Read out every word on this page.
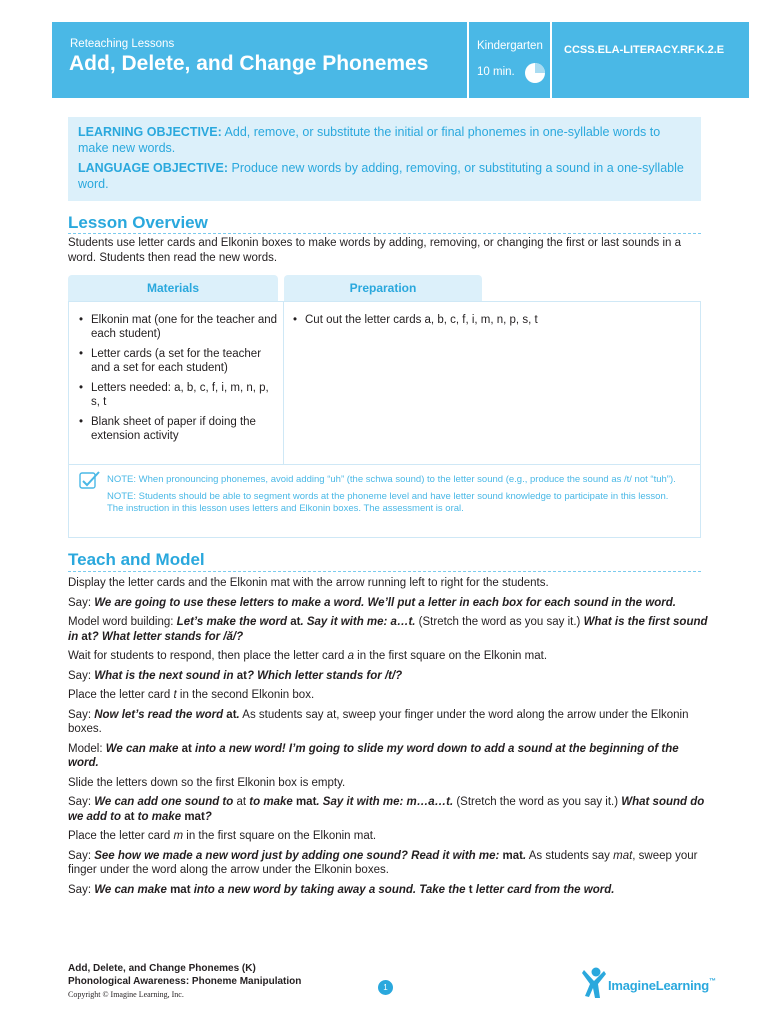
Reteaching Lessons
Add, Delete, and Change Phonemes
Kindergarten
10 min.
CCSS.ELA-LITERACY.RF.K.2.E

LEARNING OBJECTIVE: Add, remove, or substitute the initial or final phonemes in one-syllable words to make new words.

LANGUAGE OBJECTIVE: Produce new words by adding, removing, or substituting a sound in a one-syllable word.

Lesson Overview
Students use letter cards and Elkonin boxes to make words by adding, removing, or changing the first or last sounds in a word. Students then read the new words.
Materials	Preparation
• Elkonin mat (one for the teacher and each student)
• Letter cards (a set for the teacher and a set for each student)
• Letters needed: a, b, c, f, i, m, n, p, s, t
• Blank sheet of paper if doing the extension activity
• Cut out the letter cards a, b, c, f, i, m, n, p, s, t

NOTE: When pronouncing phonemes, avoid adding “uh” (the schwa sound) to the letter sound (e.g., produce the sound as /t/ not “tuh”).

NOTE: Students should be able to segment words at the phoneme level and have letter sound knowledge to participate in this lesson. The instruction in this lesson uses letters and Elkonin boxes. The assessment is oral.

Teach and Model

Display the letter cards and the Elkonin mat with the arrow running left to right for the students.

Say: We are going to use these letters to make a word. We’ll put a letter in each box for each sound in the word.

Model word building: Let’s make the word at. Say it with me: a…t. (Stretch the word as you say it.) What is the first sound in at? What letter stands for /ă/?

Wait for students to respond, then place the letter card a in the first square on the Elkonin mat.

Say: What is the next sound in at? Which letter stands for /t/?

Place the letter card t in the second Elkonin box.

Say: Now let’s read the word at. As students say at, sweep your finger under the word along the arrow under the Elkonin boxes.

Model: We can make at into a new word! I’m going to slide my word down to add a sound at the beginning of the word.

Slide the letters down so the first Elkonin box is empty.

Say: We can add one sound to at to make mat. Say it with me: m…a…t. (Stretch the word as you say it.) What sound do we add to at to make mat?

Place the letter card m in the first square on the Elkonin mat.

Say: See how we made a new word just by adding one sound? Read it with me: mat. As students say mat, sweep your finger under the word along the arrow under the Elkonin boxes.

Say: We can make mat into a new word by taking away a sound. Take the t letter card from the word.

Add, Delete, and Change Phonemes (K)
Phonological Awareness: Phoneme Manipulation
Copyright © Imagine Learning, Inc.
1	ImagineLearning™
